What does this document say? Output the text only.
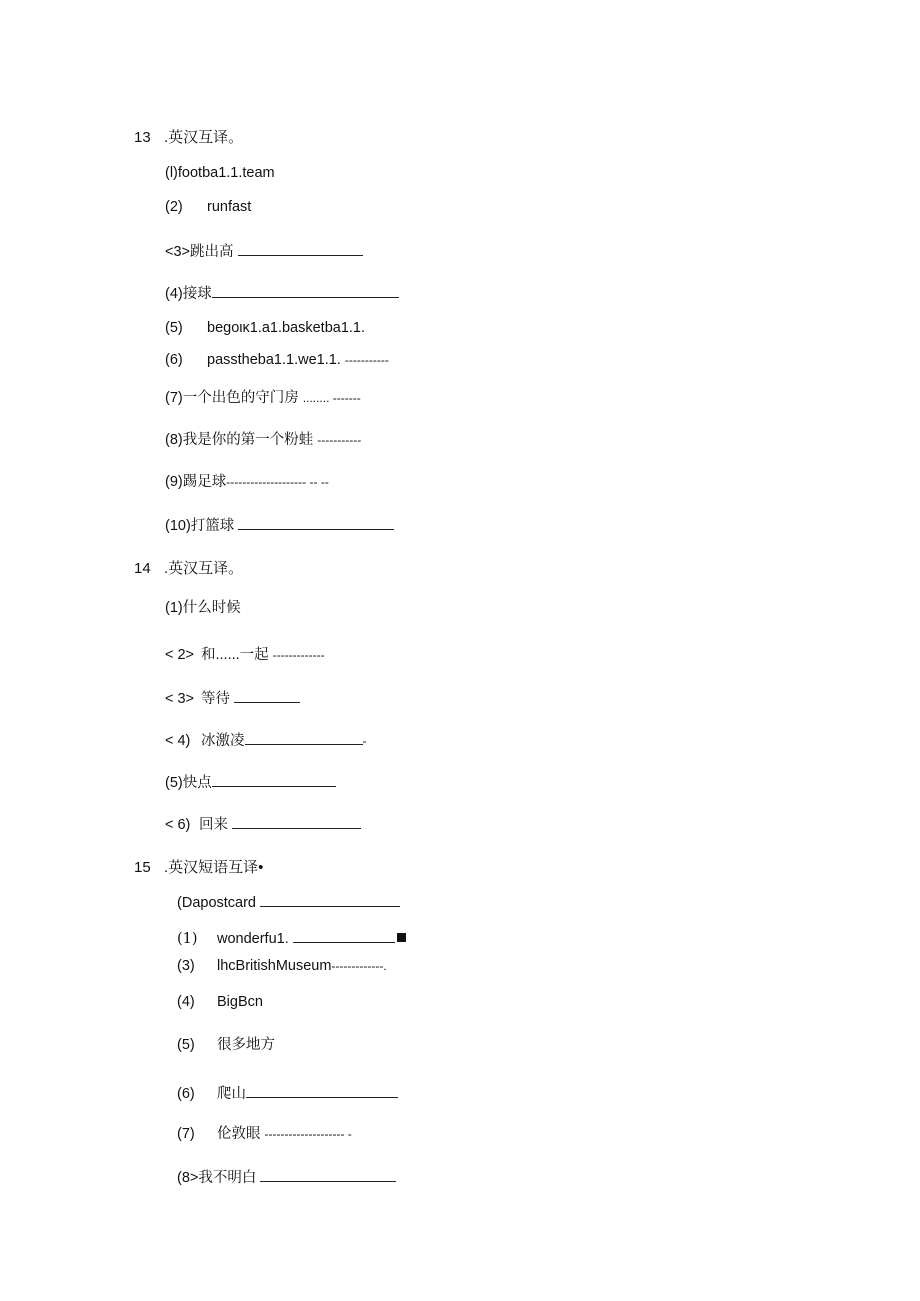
13 .英汉互译。
(l)footba1.1.team
(2) runfast
<3>跳出高
(4)接球
(5) begoικ1.a1.basketba1.1.
(6) passtheba1.1.we1.1. -----------
(7)一个出色的守门房 ........ -------
(8)我是你的第一个粉蛙 -----------
(9)踢足球-------------------- -- --
(10)打篮球
14 .英汉互译。
(1)什么时候
< 2> 和......一起 -------------
< 3> 等待
< 4) 冰激凌	-
(5)快点
< 6) 回来
15 .英汉短语互译•
(Dapostcard
(1) wonderfu1.
(3) lhcBritishMuseum-------------.
(4) BigBcn
(5) 很多地方
(6) 爬山
(7) 伦敦眼 -------------------- -
(8>我不明白
